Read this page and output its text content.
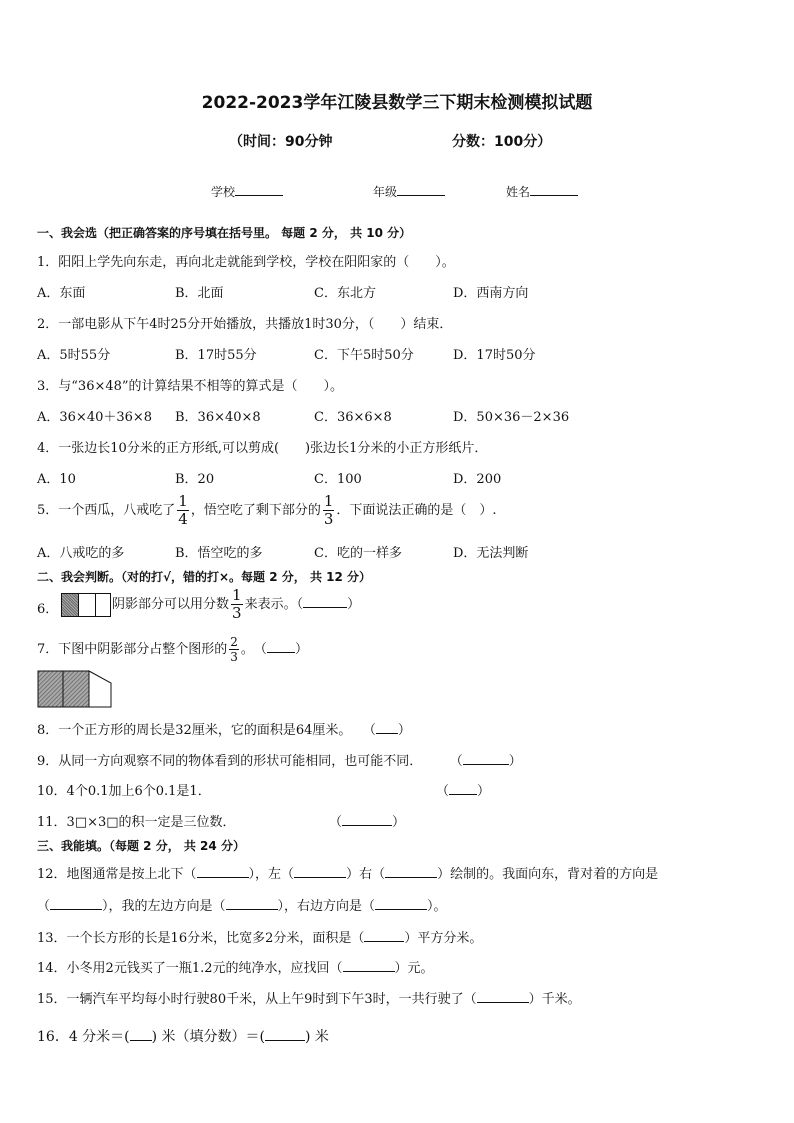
2022-2023学年江陵县数学三下期末检测模拟试题
（时间：90分钟	分数：100分）
学校	年级	姓名
一、我会选（把正确答案的序号填在括号里。 每题 2 分， 共 10 分）
1．阳阳上学先向东走，再向北走就能到学校，学校在阳阳家的（　　）。
A．东面	B．北面	C．东北方	D．西南方向
2．一部电影从下午4时25分开始播放，共播放1时30分，（　　）结束．
A．5时55分	B．17时55分	C．下午5时50分	D．17时50分
3．与“36×48”的计算结果不相等的算式是（　　）。
A．36×40＋36×8 B．36×40×8	C．36×6×8	D．50×36－2×36
4．一张边长10分米的正方形纸,可以剪成(　　)张边长1分米的小正方形纸片．
A．10	B．20	C．100	D．200
5．一个西瓜，八戒吃了 $\frac{1}{4}$ ，悟空吃了剩下部分的 $\frac{1}{3}$ ．下面说法正确的是（　）.
A．八戒吃的多	B．悟空吃的多	C．吃的一样多	D．无法判断
二、我会判断。（对的打√，错的打×。每题 2 分， 共 12 分）
6．	阴影部分可以用分数 $\frac{1}{3}$ 来表示。（	）
7．下图中阴影部分占整个图形的 $\frac{2}{3}$ 。　（ ）
8．一个正方形的周长是32厘米，它的面积是64厘米。 （ ）
9．从同一方向观察不同的物体看到的形状可能相同，也可能不同．	（	）
10．4个0.1加上6个0.1是1．	（ ）
11．3□×3□的积一定是三位数．	（	）
三、我能填。（每题 2 分， 共 24 分）
12．地图通常是按上北下（	），左（	）右（	）绘制的。我面向东，背对着的方向是
（	），我的左边方向是（	），右边方向是（	）。
13．一个长方形的长是16分米，比宽多2分米，面积是（	）平方分米。
14．小冬用2元钱买了一瓶1.2元的纯净水，应找回（	）元。
15．一辆汽车平均每小时行驶80千米，从上午9时到下午3时，一共行驶了（	）千米。
16．4 分米＝( ) 米（填分数）＝(	) 米
